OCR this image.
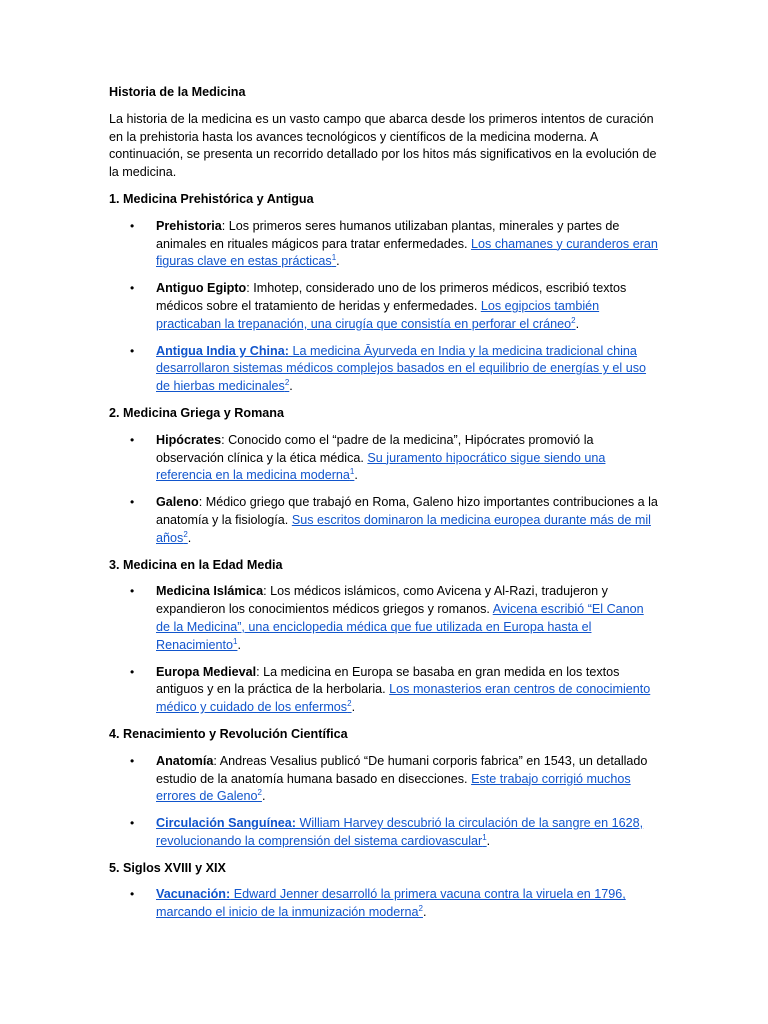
Historia de la Medicina

La historia de la medicina es un vasto campo que abarca desde los primeros intentos de curación en la prehistoria hasta los avances tecnológicos y científicos de la medicina moderna. A continuación, se presenta un recorrido detallado por los hitos más significativos en la evolución de la medicina.

1. Medicina Prehistórica y Antigua

• Prehistoria: Los primeros seres humanos utilizaban plantas, minerales y partes de animales en rituales mágicos para tratar enfermedades. Los chamanes y curanderos eran figuras clave en estas prácticas$^1$.
• Antiguo Egipto: Imhotep, considerado uno de los primeros médicos, escribió textos médicos sobre el tratamiento de heridas y enfermedades. Los egipcios también practicaban la trepanación, una cirugía que consistía en perforar el cráneo$^2$.
• Antigua India y China: La medicina Āyurveda en India y la medicina tradicional china desarrollaron sistemas médicos complejos basados en el equilibrio de energías y el uso de hierbas medicinales$^2$.

2. Medicina Griega y Romana

• Hipócrates: Conocido como el “padre de la medicina”, Hipócrates promovió la observación clínica y la ética médica. Su juramento hipocrático sigue siendo una referencia en la medicina moderna$^1$.
• Galeno: Médico griego que trabajó en Roma, Galeno hizo importantes contribuciones a la anatomía y la fisiología. Sus escritos dominaron la medicina europea durante más de mil años$^2$.

3. Medicina en la Edad Media

• Medicina Islámica: Los médicos islámicos, como Avicena y Al-Razi, tradujeron y expandieron los conocimientos médicos griegos y romanos. Avicena escribió “El Canon de la Medicina”, una enciclopedia médica que fue utilizada en Europa hasta el Renacimiento$^1$.
• Europa Medieval: La medicina en Europa se basaba en gran medida en los textos antiguos y en la práctica de la herbolaria. Los monasterios eran centros de conocimiento médico y cuidado de los enfermos$^2$.

4. Renacimiento y Revolución Científica

• Anatomía: Andreas Vesalius publicó “De humani corporis fabrica” en 1543, un detallado estudio de la anatomía humana basado en disecciones. Este trabajo corrigió muchos errores de Galeno$^2$.
• Circulación Sanguínea: William Harvey descubrió la circulación de la sangre en 1628, revolucionando la comprensión del sistema cardiovascular$^1$.

5. Siglos XVIII y XIX

• Vacunación: Edward Jenner desarrolló la primera vacuna contra la viruela en 1796, marcando el inicio de la inmunización moderna$^2$.
